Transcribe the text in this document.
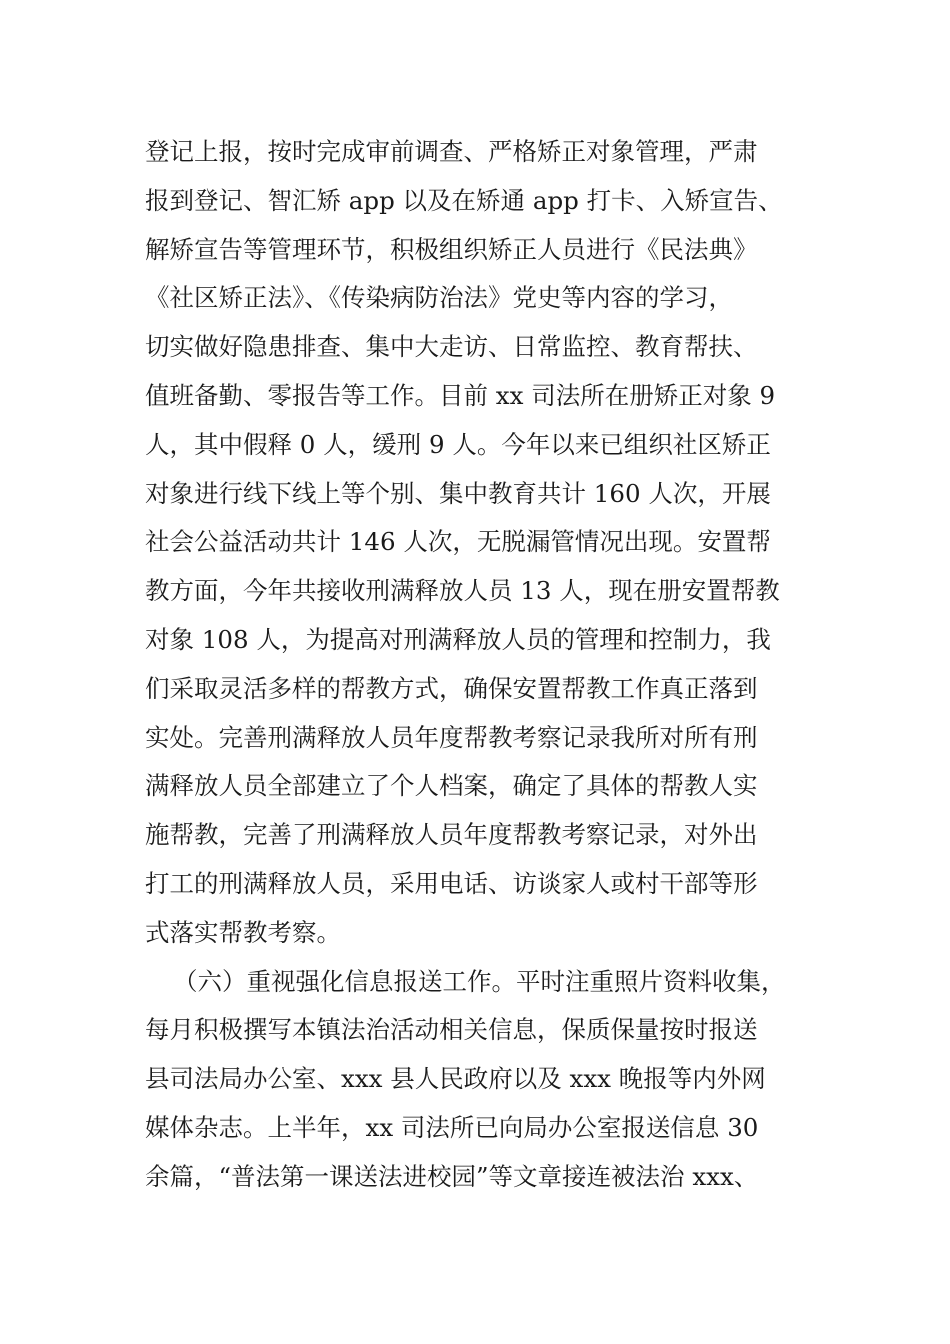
登记上报，按时完成审前调查、严格矫正对象管理，严肃
报到登记、智汇矫 app 以及在矫通 app 打卡、入矫宣告、
解矫宣告等管理环节，积极组织矫正人员进行《民法典》
《社区矫正法》、《传染病防治法》党史等内容的学习，
切实做好隐患排查、集中大走访、日常监控、教育帮扶、
值班备勤、零报告等工作。目前 xx 司法所在册矫正对象 9
人，其中假释 0 人，缓刑 9 人。今年以来已组织社区矫正
对象进行线下线上等个别、集中教育共计 160 人次，开展
社会公益活动共计 146 人次，无脱漏管情况出现。安置帮
教方面，今年共接收刑满释放人员 13 人，现在册安置帮教
对象 108 人，为提高对刑满释放人员的管理和控制力，我
们采取灵活多样的帮教方式，确保安置帮教工作真正落到
实处。完善刑满释放人员年度帮教考察记录我所对所有刑
满释放人员全部建立了个人档案，确定了具体的帮教人实
施帮教，完善了刑满释放人员年度帮教考察记录，对外出
打工的刑满释放人员，采用电话、访谈家人或村干部等形
式落实帮教考察。
（六）重视强化信息报送工作。平时注重照片资料收集，
每月积极撰写本镇法治活动相关信息，保质保量按时报送
县司法局办公室、xxx 县人民政府以及 xxx 晚报等内外网
媒体杂志。上半年，xx 司法所已向局办公室报送信息 30
余篇，“普法第一课送法进校园”等文章接连被法治 xxx、
